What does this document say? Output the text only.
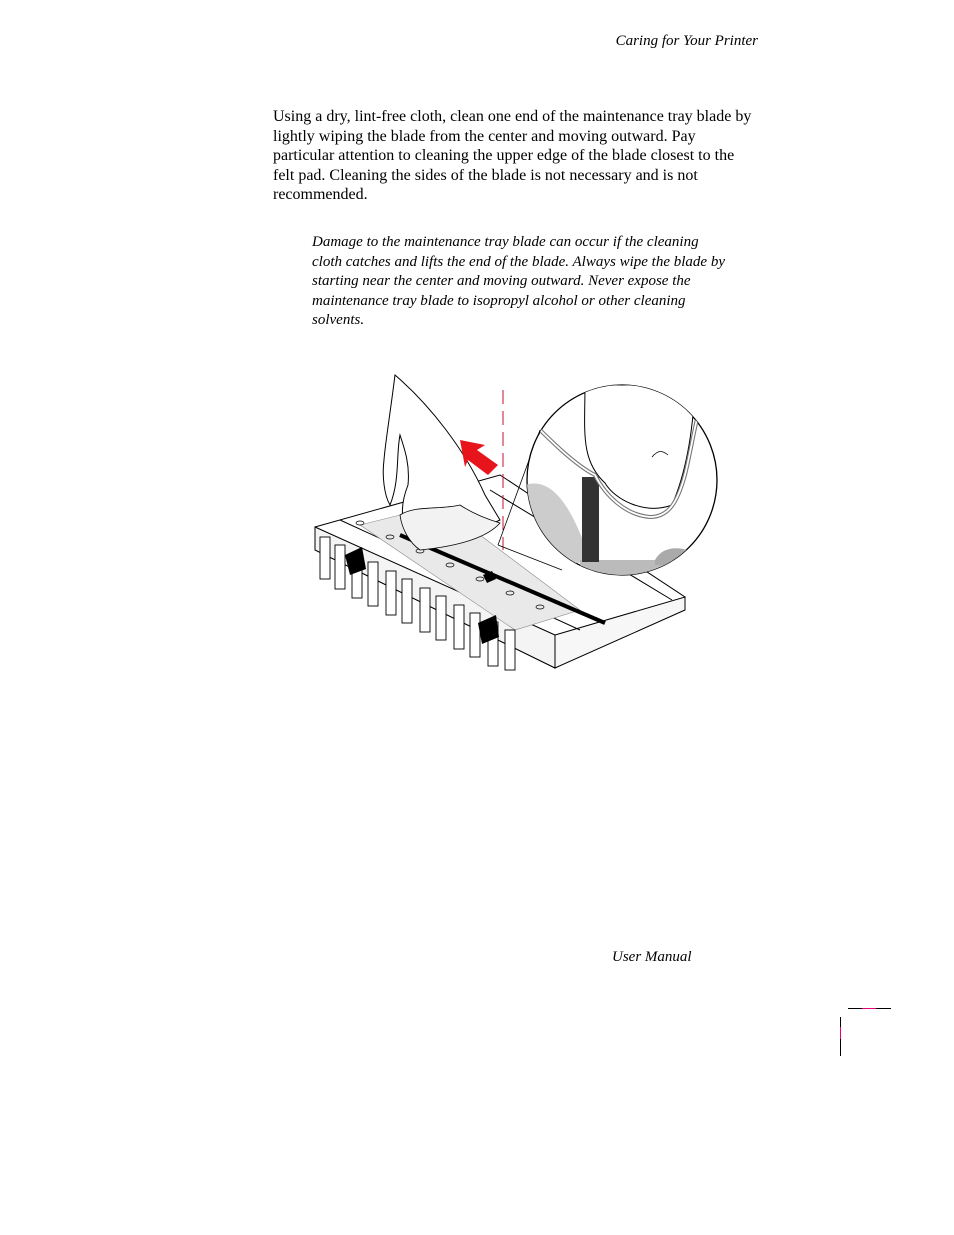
Caring for Your Printer
Using a dry, lint-free cloth, clean one end of the maintenance tray blade by lightly wiping the blade from the center and moving outward. Pay particular attention to cleaning the upper edge of the blade closest to the felt pad. Cleaning the sides of the blade is not necessary and is not recommended.
Damage to the maintenance tray blade can occur if the cleaning cloth catches and lifts the end of the blade. Always wipe the blade by starting near the center and moving outward. Never expose the maintenance tray blade to isopropyl alcohol or other cleaning solvents.
User Manual
